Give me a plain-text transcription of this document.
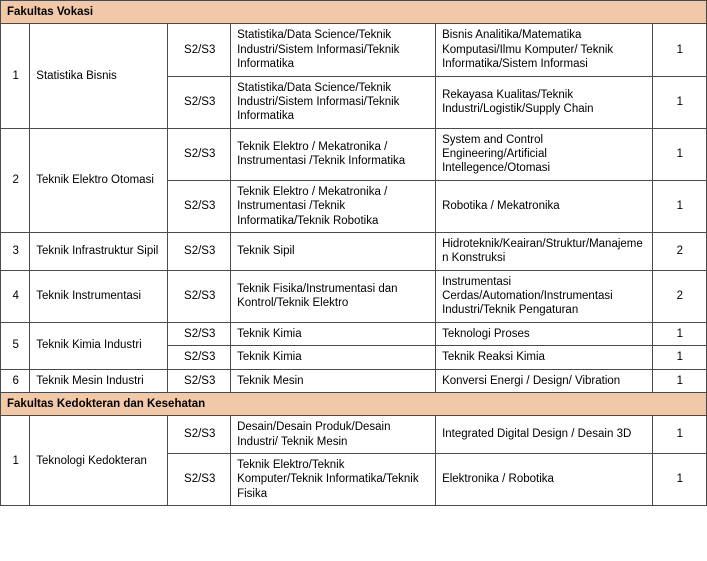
Fakultas Vokasi					
1	Statistika Bisnis	S2/S3	Statistika/Data Science/Teknik Industri/Sistem Informasi/Teknik Informatika	Bisnis Analitika/Matematika Komputasi/Ilmu Komputer/ Teknik Informatika/Sistem Informasi	1
		S2/S3	Statistika/Data Science/Teknik Industri/Sistem Informasi/Teknik Informatika	Rekayasa Kualitas/Teknik Industri/Logistik/Supply Chain	1
2	Teknik Elektro Otomasi	S2/S3	Teknik Elektro / Mekatronika / Instrumentasi /Teknik Informatika	System and Control Engineering/Artificial Intellegence/Otomasi	1
		S2/S3	Teknik Elektro / Mekatronika / Instrumentasi /Teknik Informatika/Teknik Robotika	Robotika / Mekatronika	1
3	Teknik Infrastruktur Sipil	S2/S3	Teknik Sipil	Hidroteknik/Keairan/Struktur/Manajemen Konstruksi	2
4	Teknik Instrumentasi	S2/S3	Teknik Fisika/Instrumentasi dan Kontrol/Teknik Elektro	Instrumentasi Cerdas/Automation/Instrumentasi Industri/Teknik Pengaturan	2
5	Teknik Kimia Industri	S2/S3	Teknik Kimia	Teknologi Proses	1
		S2/S3	Teknik Kimia	Teknik Reaksi Kimia	1
6	Teknik Mesin Industri	S2/S3	Teknik Mesin	Konversi Energi / Design/ Vibration	1
Fakultas Kedokteran dan Kesehatan					
1	Teknologi Kedokteran	S2/S3	Desain/Desain Produk/Desain Industri/ Teknik Mesin	Integrated Digital Design / Desain 3D	1
		S2/S3	Teknik Elektro/Teknik Komputer/Teknik Informatika/Teknik Fisika	Elektronika / Robotika	1
